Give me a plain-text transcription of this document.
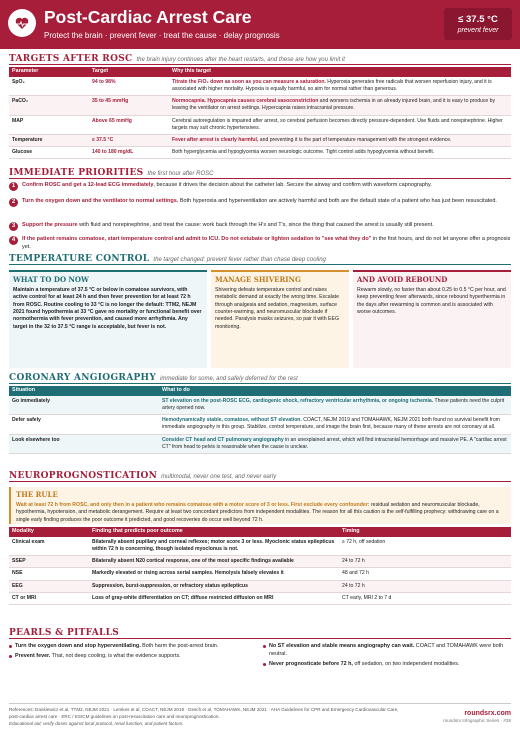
Post-Cardiac Arrest Care
Protect the brain · prevent fever · treat the cause · delay prognosis
≤ 37.5 °C
prevent fever
TARGETS AFTER ROSC the brain injury continues after the heart restarts, and these are how you limit it
Parameter	Target	Why this target
SpO₂	94 to 98%	Titrate the FiO₂ down as soon as you can measure a saturation. Hyperoxia generates free radicals that worsen reperfusion injury, and it is associated with higher mortality. Hypoxia is equally harmful, so aim for normal rather than generous.
PaCO₂	35 to 45 mmHg	Normocapnia. Hypocapnia causes cerebral vasoconstriction and worsens ischemia in an already injured brain, and it is easy to produce by leaving the ventilator on arrest settings. Hypercapnia raises intracranial pressure.
MAP	Above 65 mmHg	Cerebral autoregulation is impaired after arrest, so cerebral perfusion becomes directly pressure-dependent. Use fluids and norepinephrine. Higher targets may suit chronic hypertensives.
Temperature	≤ 37.5 °C	Fever after arrest is clearly harmful, and preventing it is the part of temperature management with the strongest evidence.
Glucose	140 to 180 mg/dL	Both hyperglycemia and hypoglycemia worsen neurologic outcome. Tight control adds hypoglycemia without benefit.
IMMEDIATE PRIORITIES the first hour after ROSC
1	Confirm ROSC and get a 12-lead ECG immediately, because it drives the decision about the catheter lab. Secure the airway and confirm with waveform capnography.
2	Turn the oxygen down and the ventilator to normal settings. Both hyperoxia and hyperventilation are actively harmful and both are the default state of a patient who has just been resuscitated.
3	Support the pressure with fluid and norepinephrine, and treat the cause: work back through the H's and T's, since the thing that caused the arrest is usually still present.
4	If the patient remains comatose, start temperature control and admit to ICU. Do not extubate or lighten sedation to "see what they do" in the first hours, and do not let anyone offer a prognosis yet.
TEMPERATURE CONTROL the target changed: prevent fever rather than chase deep cooling
WHAT TO DO NOW
Maintain a temperature of 37.5 °C or below in comatose survivors, with active control for at least 24 h and then fever prevention for at least 72 h from ROSC. Routine cooling to 33 °C is no longer the default: TTM2, NEJM 2021 found hypothermia at 33 °C gave no mortality or functional benefit over normothermia with fever prevention, and caused more arrhythmia. Any target in the 32 to 37.5 °C range is acceptable, but fever is not.
MANAGE SHIVERING
Shivering defeats temperature control and raises metabolic demand at exactly the wrong time. Escalate through analgesia and sedation, magnesium, surface counter-warming, and neuromuscular blockade if needed. Paralysis masks seizures, so pair it with EEG monitoring.
AND AVOID REBOUND
Rewarm slowly, no faster than about 0.25 to 0.5 °C per hour, and keep preventing fever afterwards, since rebound hyperthermia in the days after rewarming is common and is associated with worse outcomes.
CORONARY ANGIOGRAPHY immediate for some, and safely deferred for the rest
Situation	What to do
Go immediately	ST elevation on the post-ROSC ECG, cardiogenic shock, refractory ventricular arrhythmia, or ongoing ischemia. These patients need the culprit artery opened now.
Defer safely	Hemodynamically stable, comatose, without ST elevation. COACT, NEJM 2019 and TOMAHAWK, NEJM 2021 both found no survival benefit from immediate angiography in this group. Stabilize, control temperature, and image the brain first, because many of these arrests are not coronary at all.
Look elsewhere too	Consider CT head and CT pulmonary angiography in an unexplained arrest, which will find intracranial hemorrhage and massive PE. A "cardiac arrest CT" from head to pelvis is reasonable when the cause is unclear.
NEUROPROGNOSTICATION multimodal, never one test, and never early
THE RULE
Wait at least 72 h from ROSC, and only then in a patient who remains comatose with a motor score of 3 or less. First exclude every confounder: residual sedation and neuromuscular blockade, hypothermia, hypotension, and metabolic derangement. Require at least two concordant predictors from independent modalities. The reason for all this caution is the self-fulfilling prophecy: withdrawing care on a single early finding produces the poor outcome it predicted, and good recoveries do occur well beyond 72 h.
Modality	Finding that predicts poor outcome	Timing
Clinical exam	Bilaterally absent pupillary and corneal reflexes; motor score 3 or less. Myoclonic status epilepticus within 72 h is concerning, though isolated myoclonus is not.	≥ 72 h, off sedation
SSEP	Bilaterally absent N20 cortical response, one of the most specific findings available	24 to 72 h
NSE	Markedly elevated or rising across serial samples. Hemolysis falsely elevates it	48 and 72 h
EEG	Suppression, burst-suppression, or refractory status epilepticus	24 to 72 h
CT or MRI	Loss of gray-white differentiation on CT; diffuse restricted diffusion on MRI	CT early, MRI 2 to 7 d
PEARLS & PITFALLS
Turn the oxygen down and stop hyperventilating. Both harm the post-arrest brain.
Prevent fever. That, not deep cooling, is what the evidence supports.
No ST elevation and stable means angiography can wait. COACT and TOMAHAWK were both neutral.
Never prognosticate before 72 h, off sedation, on two independent modalities.
References: Dankiewicz et al, TTM2, NEJM 2021 · Lemkes et al, COACT, NEJM 2019 · Desch et al, TOMAHAWK, NEJM 2021 · AHA Guidelines for CPR and Emergency Cardiovascular Care, post-cardiac arrest care · ERC / ESICM guidelines on post-resuscitation care and neuroprognostication.
Educational aid; verify doses against local protocol, renal function, and patient factors.
roundsrx.com
roundsrx Infographic Series · #38
